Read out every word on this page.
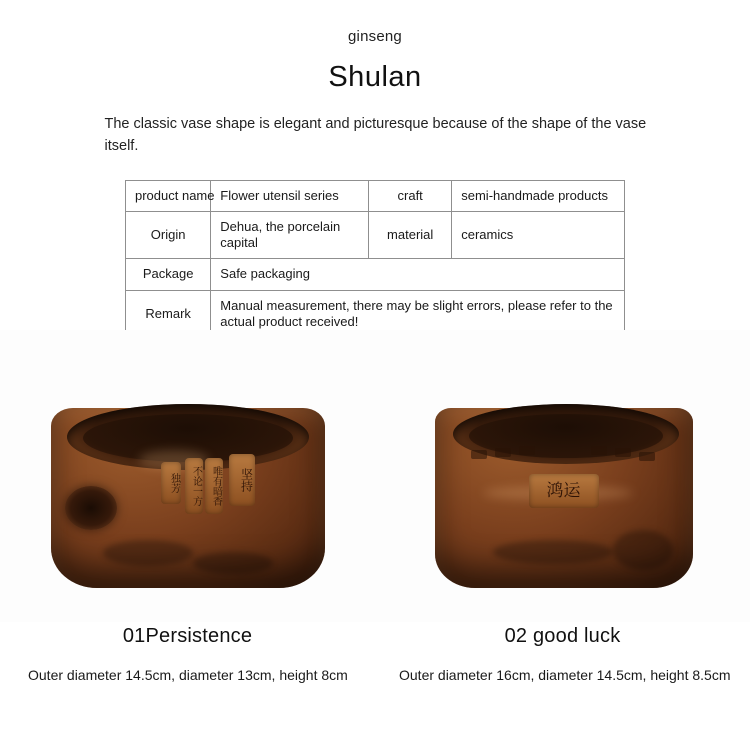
ginseng
Shulan
The classic vase shape is elegant and picturesque because of the shape of the vase itself.
product name	Flower utensil series	craft	semi-handmade products
Origin	Dehua, the porcelain capital	material	ceramics
Package	Safe packaging		
Remark	Manual measurement, there may be slight errors, please refer to the actual product received!		
坚持
独芳	不论一方 唯有暗香
01Persistence
Outer diameter 14.5cm, diameter 13cm, height 8cm
鸿运
02 good luck
Outer diameter 16cm, diameter 14.5cm, height 8.5cm
